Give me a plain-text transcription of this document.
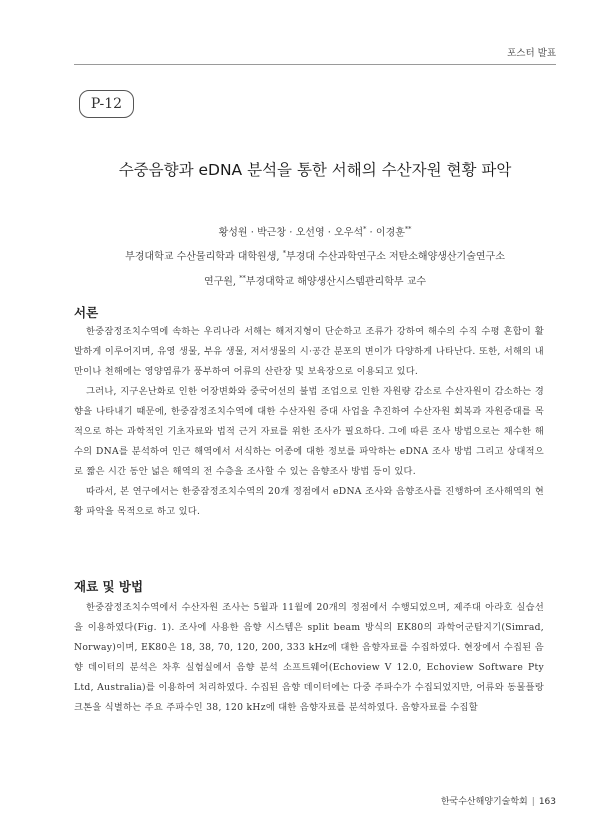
포스터 발표
P-12
수중음향과 eDNA 분석을 통한 서해의 수산자원 현황 파악
황성원 · 박근창 · 오선영 · 오우석* · 이경훈**
부경대학교 수산물리학과 대학원생, *부경대 수산과학연구소 저탄소해양생산기술연구소
연구원, **부경대학교 해양생산시스템관리학부 교수
서론

한중잠정조치수역에 속하는 우리나라 서해는 해저지형이 단순하고 조류가 강하여 해수의 수직 수평 혼합이 활발하게 이루어지며, 유영 생물, 부유 생물, 저서생물의 시·공간 분포의 변이가 다양하게 나타난다. 또한, 서해의 내만이나 천해에는 영양염류가 풍부하여 어류의 산란장 및 보육장으로 이용되고 있다.

그러나, 지구온난화로 인한 어장변화와 중국어선의 불법 조업으로 인한 자원량 감소로 수산자원이 감소하는 경향을 나타내기 때문에, 한중잠정조치수역에 대한 수산자원 증대 사업을 추진하여 수산자원 회복과 자원증대를 목적으로 하는 과학적인 기초자료와 법적 근거 자료를 위한 조사가 필요하다. 그에 따른 조사 방법으로는 채수한 해수의 DNA를 분석하여 인근 해역에서 서식하는 어종에 대한 정보를 파악하는 eDNA 조사 방법 그리고 상대적으로 짧은 시간 동안 넓은 해역의 전 수층을 조사할 수 있는 음향조사 방법 등이 있다.

따라서, 본 연구에서는 한중잠정조치수역의 20개 정점에서 eDNA 조사와 음향조사를 진행하여 조사해역의 현황 파악을 목적으로 하고 있다.

재료 및 방법

한중잠정조치수역에서 수산자원 조사는 5월과 11월에 20개의 정점에서 수행되었으며, 제주대 아라호 실습선을 이용하였다(Fig. 1). 조사에 사용한 음향 시스템은 split beam 방식의 EK80의 과학어군탐지기(Simrad, Norway)이며, EK80은 18, 38, 70, 120, 200, 333 kHz에 대한 음향자료를 수집하였다. 현장에서 수집된 음향 데이터의 분석은 차후 실험실에서 음향 분석 소프트웨어(Echoview V 12.0, Echoview Software Pty Ltd, Australia)를 이용하여 처리하였다. 수집된 음향 데이터에는 다중 주파수가 수집되었지만, 어류와 동물플랑크톤을 식별하는 주요 주파수인 38, 120 kHz에 대한 음향자료를 분석하였다. 음향자료를 수집할

한국수산해양기술학회 | 163
